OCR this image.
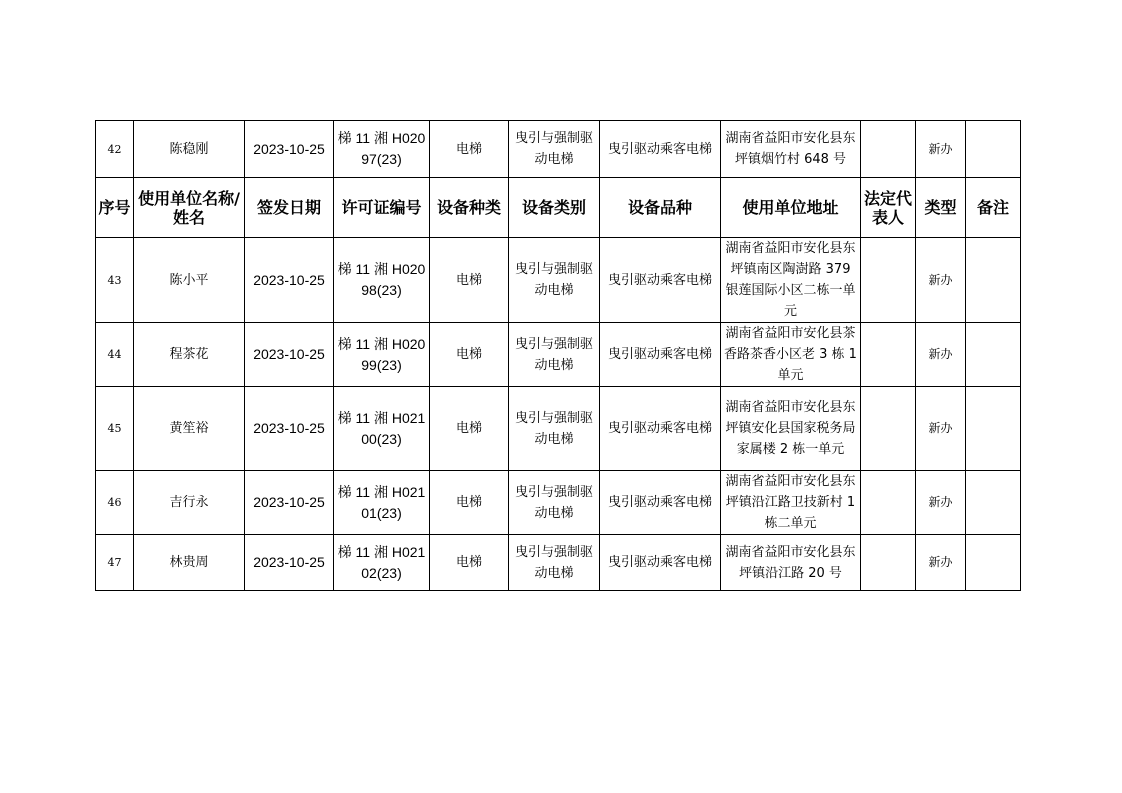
42	陈稳刚	2023-10-25	梯 11 湘 H02097(23)	电梯	曳引与强制驱动电梯	曳引驱动乘客电梯	湖南省益阳市安化县东坪镇烟竹村 648 号		新办	

序号	使用单位名称/姓名	签发日期	许可证编号	设备种类	设备类别	设备品种	使用单位地址	法定代表人	类型	备注
43	陈小平	2023-10-25	梯 11 湘 H02098(23)	电梯	曳引与强制驱动电梯	曳引驱动乘客电梯	湖南省益阳市安化县东坪镇南区陶澍路 379 银莲国际小区二栋一单元		新办	
44	程茶花	2023-10-25	梯 11 湘 H02099(23)	电梯	曳引与强制驱动电梯	曳引驱动乘客电梯	湖南省益阳市安化县茶香路茶香小区老 3 栋 1 单元		新办	
45	黄笙裕	2023-10-25	梯 11 湘 H02100(23)	电梯	曳引与强制驱动电梯	曳引驱动乘客电梯	湖南省益阳市安化县东坪镇安化县国家税务局家属楼 2 栋一单元		新办	
46	吉行永	2023-10-25	梯 11 湘 H02101(23)	电梯	曳引与强制驱动电梯	曳引驱动乘客电梯	湖南省益阳市安化县东坪镇沿江路卫技新村 1 栋二单元		新办	
47	林贵周	2023-10-25	梯 11 湘 H02102(23)	电梯	曳引与强制驱动电梯	曳引驱动乘客电梯	湖南省益阳市安化县东坪镇沿江路 20 号		新办	
